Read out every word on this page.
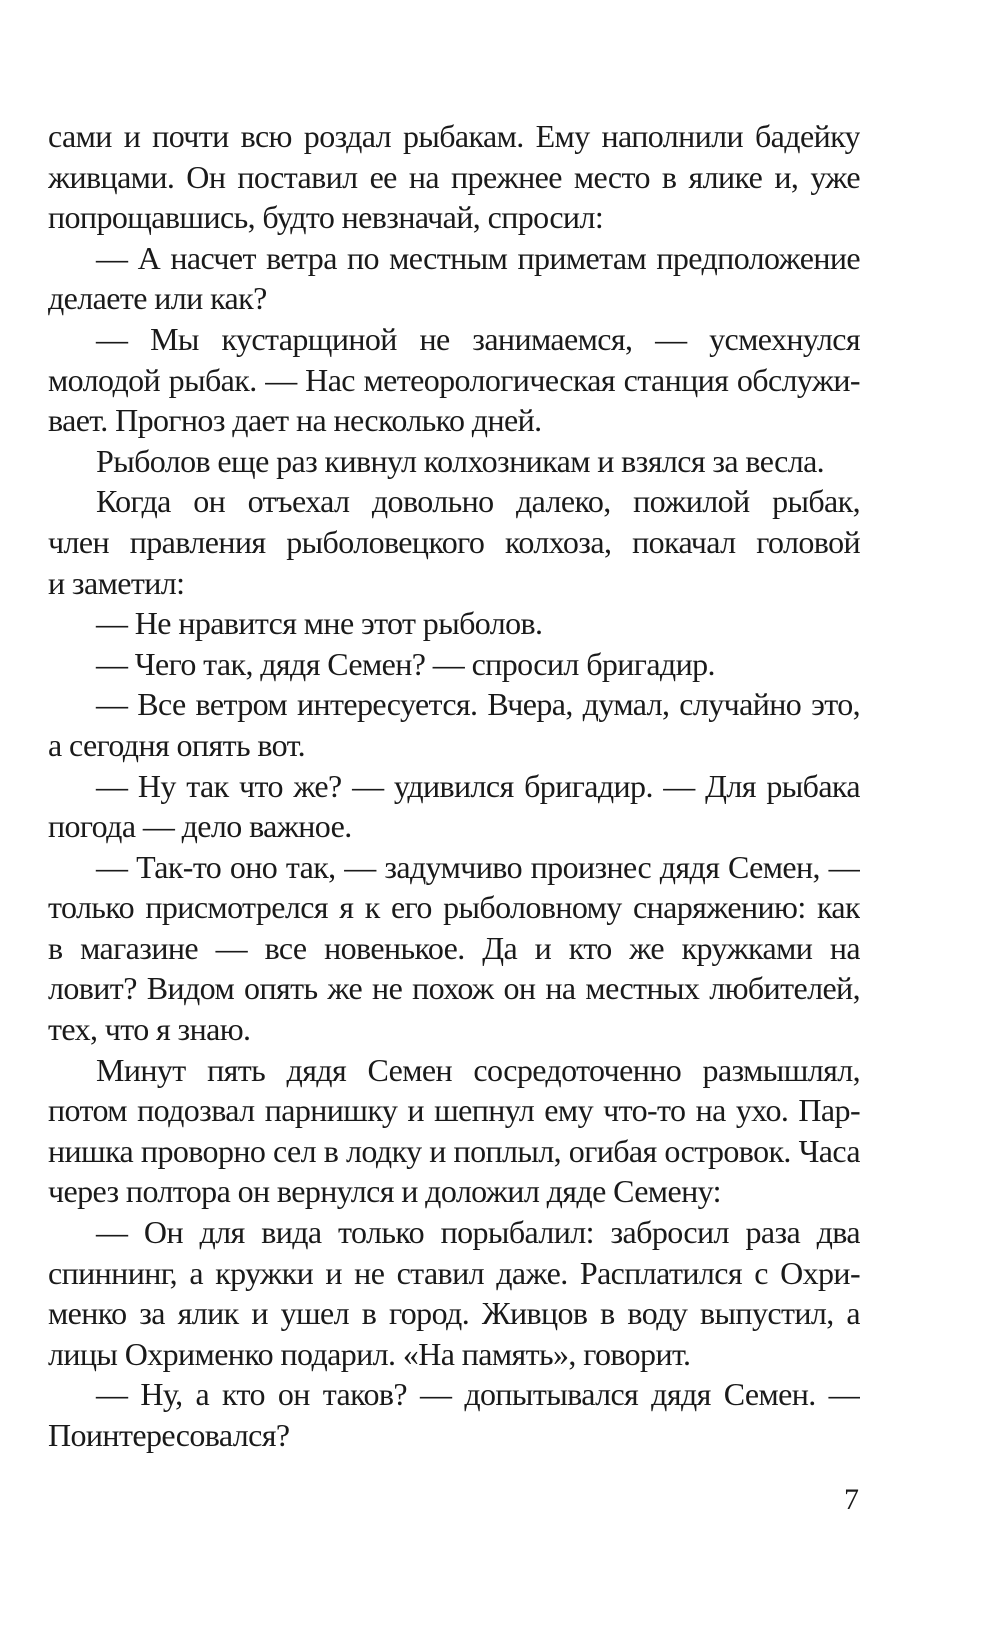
сами и почти всю роздал рыбакам. Ему наполнили бадейку
живцами. Он поставил ее на прежнее место в ялике и, уже
попрощавшись, будто невзначай, спросил:
— А насчет ветра по местным приметам предположение
делаете или как?
— Мы кустарщиной не занимаемся, — усмехнулся
молодой рыбак. — Нас метеорологическая станция обслужи-
вает. Прогноз дает на несколько дней.
Рыболов еще раз кивнул колхозникам и взялся за весла.
Когда он отъехал довольно далеко, пожилой рыбак,
член правления рыболовецкого колхоза, покачал головой
и заметил:
— Не нравится мне этот рыболов.
— Чего так, дядя Семен? — спросил бригадир.
— Все ветром интересуется. Вчера, думал, случайно это,
а сегодня опять вот.
— Ну так что же? — удивился бригадир. — Для рыбака
погода — дело важное.
— Так-то оно так, — задумчиво произнес дядя Семен, —
только присмотрелся я к его рыболовному снаряжению: как
в магазине — все новенькое. Да и кто же кружками на
ловит? Видом опять же не похож он на местных любителей,
тех, что я знаю.
Минут пять дядя Семен сосредоточенно размышлял,
потом подозвал парнишку и шепнул ему что-то на ухо. Пар-
нишка проворно сел в лодку и поплыл, огибая островок. Часа
через полтора он вернулся и доложил дяде Семену:
— Он для вида только порыбалил: забросил раза два
спиннинг, а кружки и не ставил даже. Расплатился с Охри-
менко за ялик и ушел в город. Живцов в воду выпустил, а
лицы Охрименко подарил. «На память», говорит.
— Ну, а кто он таков? — допытывался дядя Семен. —
Поинтересовался?
7
